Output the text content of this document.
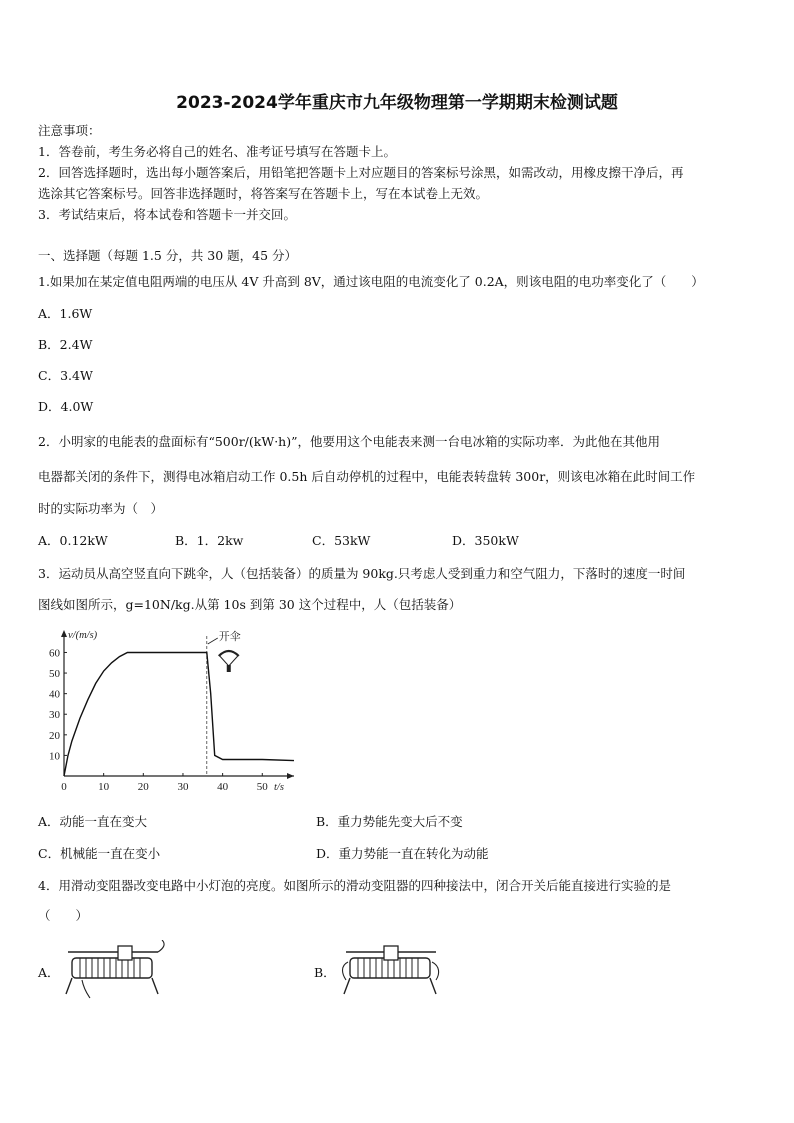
2023-2024学年重庆市九年级物理第一学期期末检测试题
注意事项：
1．答卷前，考生务必将自己的姓名、准考证号填写在答题卡上。
2．回答选择题时，选出每小题答案后，用铅笔把答题卡上对应题目的答案标号涂黑，如需改动，用橡皮擦干净后，再
选涂其它答案标号。回答非选择题时，将答案写在答题卡上，写在本试卷上无效。
3．考试结束后，将本试卷和答题卡一并交回。
一、选择题（每题 1.5 分，共 30 题，45 分）
1.如果加在某定值电阻两端的电压从 4V 升高到 8V，通过该电阻的电流变化了 0.2A，则该电阻的电功率变化了（　　）
A．1.6W
B．2.4W
C．3.4W
D．4.0W
2．小明家的电能表的盘面标有“500r/(kW·h)”，他要用这个电能表来测一台电冰箱的实际功率．为此他在其他用
电器都关闭的条件下，测得电冰箱启动工作 0.5h 后自动停机的过程中，电能表转盘转 300r，则该电冰箱在此时间工作
时的实际功率为（　）
A．0.12kW	B．1．2kw	C．53kW	D．350kW
3．运动员从高空竖直向下跳伞，人（包括装备）的质量为 90kg.只考虑人受到重力和空气阻力，下落时的速度一时间
图线如图所示，g=10N/kg.从第 10s 到第 30 这个过程中，人（包括装备）
0	10	20	30	40	50
10
20
30
40
50
60
v/(m/s)
t/s
开伞
A．动能一直在变大	B．重力势能先变大后不变
C．机械能一直在变小	D．重力势能一直在转化为动能
4．用滑动变阻器改变电路中小灯泡的亮度。如图所示的滑动变阻器的四种接法中，闭合开关后能直接进行实验的是
（　　）
A．	B．
